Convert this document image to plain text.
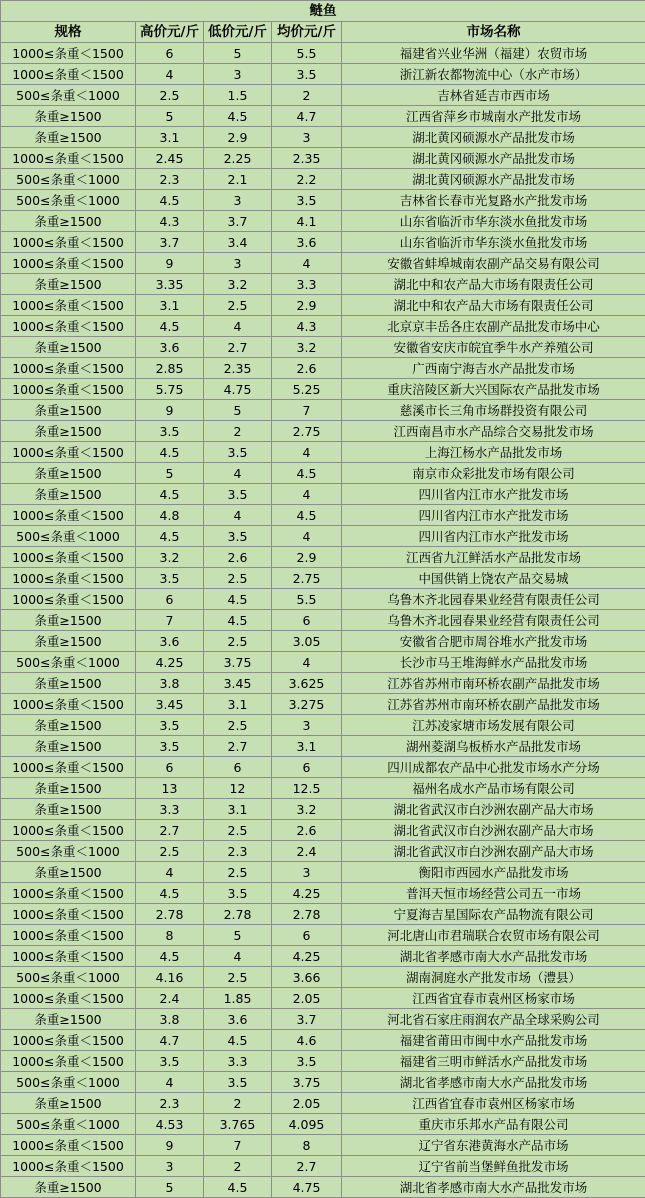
鲢鱼				
规格	高价元/斤	低价元/斤	均价元/斤	市场名称
1000≤条重＜1500	6	5	5.5	福建省兴业华洲（福建）农贸市场
1000≤条重＜1500	4	3	3.5	浙江新农都物流中心（水产市场）
500≤条重＜1000	2.5	1.5	2	吉林省延吉市西市场
条重≥1500	5	4.5	4.7	江西省萍乡市城南水产批发市场
条重≥1500	3.1	2.9	3	湖北黄冈硕源水产品批发市场
1000≤条重＜1500	2.45	2.25	2.35	湖北黄冈硕源水产品批发市场
500≤条重＜1000	2.3	2.1	2.2	湖北黄冈硕源水产品批发市场
500≤条重＜1000	4.5	3	3.5	吉林省长春市光复路水产批发市场
条重≥1500	4.3	3.7	4.1	山东省临沂市华东淡水鱼批发市场
1000≤条重＜1500	3.7	3.4	3.6	山东省临沂市华东淡水鱼批发市场
1000≤条重＜1500	9	3	4	安徽省蚌埠城南农副产品交易有限公司
条重≥1500	3.35	3.2	3.3	湖北中和农产品大市场有限责任公司
1000≤条重＜1500	3.1	2.5	2.9	湖北中和农产品大市场有限责任公司
1000≤条重＜1500	4.5	4	4.3	北京京丰岳各庄农副产品批发市场中心
条重≥1500	3.6	2.7	3.2	安徽省安庆市皖宜季牛水产养殖公司
1000≤条重＜1500	2.85	2.35	2.6	广西南宁海吉水产品批发市场
1000≤条重＜1500	5.75	4.75	5.25	重庆涪陵区新大兴国际农产品批发市场
条重≥1500	9	5	7	慈溪市长三角市场群投资有限公司
条重≥1500	3.5	2	2.75	江西南昌市水产品综合交易批发市场
1000≤条重＜1500	4.5	3.5	4	上海江杨水产品批发市场
条重≥1500	5	4	4.5	南京市众彩批发市场有限公司
条重≥1500	4.5	3.5	4	四川省内江市水产批发市场
1000≤条重＜1500	4.8	4	4.5	四川省内江市水产批发市场
500≤条重＜1000	4.5	3.5	4	四川省内江市水产批发市场
1000≤条重＜1500	3.2	2.6	2.9	江西省九江鲜活水产品批发市场
1000≤条重＜1500	3.5	2.5	2.75	中国供销上饶农产品交易城
1000≤条重＜1500	6	4.5	5.5	乌鲁木齐北园春果业经营有限责任公司
条重≥1500	7	4.5	6	乌鲁木齐北园春果业经营有限责任公司
条重≥1500	3.6	2.5	3.05	安徽省合肥市周谷堆水产批发市场
500≤条重＜1000	4.25	3.75	4	长沙市马王堆海鲜水产品批发市场
条重≥1500	3.8	3.45	3.625	江苏省苏州市南环桥农副产品批发市场
1000≤条重＜1500	3.45	3.1	3.275	江苏省苏州市南环桥农副产品批发市场
条重≥1500	3.5	2.5	3	江苏凌家塘市场发展有限公司
条重≥1500	3.5	2.7	3.1	湖州菱湖乌板桥水产品批发市场
1000≤条重＜1500	6	6	6	四川成都农产品中心批发市场水产分场
条重≥1500	13	12	12.5	福州名成水产品市场有限公司
条重≥1500	3.3	3.1	3.2	湖北省武汉市白沙洲农副产品大市场
1000≤条重＜1500	2.7	2.5	2.6	湖北省武汉市白沙洲农副产品大市场
500≤条重＜1000	2.5	2.3	2.4	湖北省武汉市白沙洲农副产品大市场
条重≥1500	4	2.5	3	衡阳市西园水产品批发市场
1000≤条重＜1500	4.5	3.5	4.25	普洱天恒市场经营公司五一市场
1000≤条重＜1500	2.78	2.78	2.78	宁夏海吉星国际农产品物流有限公司
1000≤条重＜1500	8	5	6	河北唐山市君瑞联合农贸市场有限公司
1000≤条重＜1500	4.5	4	4.25	湖北省孝感市南大水产品批发市场
500≤条重＜1000	4.16	2.5	3.66	湖南洞庭水产批发市场（澧县）
1000≤条重＜1500	2.4	1.85	2.05	江西省宜春市袁州区杨家市场
条重≥1500	3.8	3.6	3.7	河北省石家庄雨润农产品全球采购公司
1000≤条重＜1500	4.7	4.5	4.6	福建省莆田市闽中水产品批发市场
1000≤条重＜1500	3.5	3.3	3.5	福建省三明市鲜活水产品批发市场
500≤条重＜1000	4	3.5	3.75	湖北省孝感市南大水产品批发市场
条重≥1500	2.3	2	2.05	江西省宜春市袁州区杨家市场
500≤条重＜1000	4.53	3.765	4.095	重庆市乐邦水产品有限公司
1000≤条重＜1500	9	7	8	辽宁省东港黄海水产品市场
1000≤条重＜1500	3	2	2.7	辽宁省前当堡鲜鱼批发市场
条重≥1500	5	4.5	4.75	湖北省孝感市南大水产品批发市场
